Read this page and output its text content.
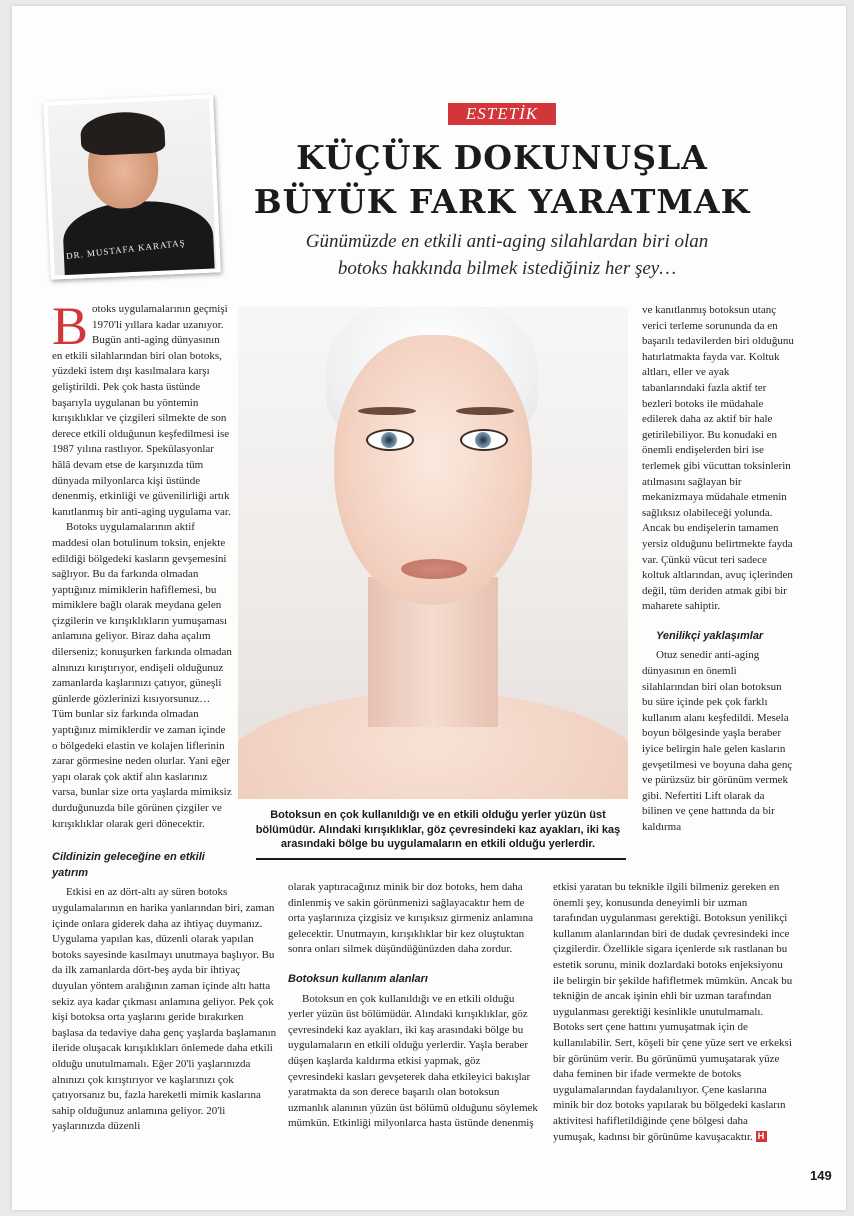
DR. MUSTAFA KARATAŞ
ESTETİK
KÜÇÜK DOKUNUŞLA
BÜYÜK FARK YARATMAK
Günümüzde en etkili anti-aging silahlardan biri olan
botoks hakkında bilmek istediğiniz her şey…

Botoks uygulamalarının geçmişi 1970'li yıllara kadar uzanıyor. Bugün anti-aging dünyasının en etkili silahlarından biri olan botoks, yüzdeki istem dışı kasılmalara karşı geliştirildi. Pek çok hasta üstünde başarıyla uygulanan bu yöntemin kırışıklıklar ve çizgileri silmekte de son derece etkili olduğunun keşfedilmesi ise 1987 yılına rastlıyor. Spekülasyonlar hâlâ devam etse de karşınızda tüm dünyada milyonlarca kişi üstünde denenmiş, etkinliği ve güvenilirliği artık kanıtlanmış bir anti-aging uygulama var.

Botoks uygulamalarının aktif maddesi olan botulinum toksin, enjekte edildiği bölgedeki kasların gevşemesini sağlıyor. Bu da farkında olmadan yaptığınız mimiklerin hafiflemesi, bu mimiklere bağlı olarak meydana gelen çizgilerin ve kırışıklıkların yumuşaması anlamına geliyor. Biraz daha açalım dilerseniz; konuşurken farkında olmadan alnınızı kırıştırıyor, endişeli olduğunuz zamanlarda kaşlarınızı çatıyor, güneşli günlerde gözlerinizi kısıyorsunuz… Tüm bunlar siz farkında olmadan yaptığınız mimiklerdir ve zaman içinde o bölgedeki elastin ve kolajen liflerinin zarar görmesine neden olurlar. Yani eğer yapı olarak çok aktif alın kaslarınız varsa, bunlar size orta yaşlarda mimiksiz durduğunuzda bile görünen çizgiler ve kırışıklıklar olarak geri dönecektir.

Cildinizin geleceğine en etkili yatırım

Etkisi en az dört-altı ay süren botoks uygulamalarının en harika yanlarından biri, zaman içinde onlara giderek daha az ihtiyaç duymanız. Uygulama yapılan kas, düzenli olarak yapılan botoks sayesinde kasılmayı unutmaya başlıyor. Bu da ilk zamanlarda dört-beş ayda bir ihtiyaç duyulan yöntem aralığının zaman içinde altı hatta sekiz aya kadar çıkması anlamına geliyor. Pek çok kişi botoksa orta yaşlarını geride bırakırken başlasa da tedaviye daha genç yaşlarda başlamanın ileride oluşacak kırışıklıkları önlemede daha etkili olduğu unutulmamalı. Eğer 20'li yaşlarınızda alnınızı çok kırıştırıyor ve kaşlarınızı çok çatıyorsanız bu, fazla hareketli mimik kaslarına sahip olduğunuz anlamına geliyor. 20'li yaşlarınızda düzenli

Botoksun en çok kullanıldığı ve en etkili olduğu yerler yüzün üst bölümüdür. Alındaki kırışıklıklar, göz çevresindeki kaz ayakları, iki kaş arasındaki bölge bu uygulamaların en etkili olduğu yerlerdir.

olarak yaptıracağınız minik bir doz botoks, hem daha dinlenmiş ve sakin görünmenizi sağlayacaktır hem de orta yaşlarınıza çizgisiz ve kırışıksız girmeniz anlamına gelecektir. Unutmayın, kırışıklıklar bir kez oluştuktan sonra onları silmek düşündüğünüzden daha zordur.

Botoksun kullanım alanları

Botoksun en çok kullanıldığı ve en etkili olduğu yerler yüzün üst bölümüdür. Alındaki kırışıklıklar, göz çevresindeki kaz ayakları, iki kaş arasındaki bölge bu uygulamaların en etkili olduğu yerlerdir. Yaşla beraber düşen kaşlarda kaldırma etkisi yapmak, göz çevresindeki kasları gevşeterek daha etkileyici bakışlar yaratmakta da son derece başarılı olan botoksun uzmanlık alanının yüzün üst bölümü olduğunu söylemek mümkün. Etkinliği milyonlarca hasta üstünde denenmiş

ve kanıtlanmış botoksun utanç verici terleme sorununda da en başarılı tedavilerden biri olduğunu hatırlatmakta fayda var. Koltuk altları, eller ve ayak tabanlarındaki fazla aktif ter bezleri botoks ile müdahale edilerek daha az aktif bir hale getirilebiliyor. Bu konudaki en önemli endişelerden biri ise terlemek gibi vücuttan toksinlerin atılmasını sağlayan bir mekanizmaya müdahale etmenin sağlıksız olabileceği yolunda. Ancak bu endişelerin tamamen yersiz olduğunu belirtmekte fayda var. Çünkü vücut teri sadece koltuk altlarından, avuç içlerinden değil, tüm deriden atmak gibi bir maharete sahiptir.

Yenilikçi yaklaşımlar

Otuz senedir anti-aging dünyasının en önemli silahlarından biri olan botoksun bu süre içinde pek çok farklı kullanım alanı keşfedildi. Mesela boyun bölgesinde yaşla beraber iyice belirgin hale gelen kasların gevşetilmesi ve boyuna daha genç ve pürüzsüz bir görünüm vermek gibi. Nefertiti Lift olarak da bilinen ve çene hattında da bir kaldırma

etkisi yaratan bu teknikle ilgili bilmeniz gereken en önemli şey, konusunda deneyimli bir uzman tarafından uygulanması gerektiği. Botoksun yenilikçi kullanım alanlarından biri de dudak çevresindeki ince çizgilerdir. Özellikle sigara içenlerde sık rastlanan bu estetik sorunu, minik dozlardaki botoks enjeksiyonu ile belirgin bir şekilde hafifletmek mümkün. Ancak bu tekniğin de ancak işinin ehli bir uzman tarafından uygulanması gerektiği kesinlikle unutulmamalı. Botoks sert çene hattını yumuşatmak için de kullanılabilir. Sert, köşeli bir çene yüze sert ve erkeksi bir görünüm verir. Bu görünümü yumuşatarak yüze daha feminen bir ifade vermekte de botoks uygulamalarından faydalanılıyor. Çene kaslarına minik bir doz botoks yapılarak bu bölgedeki kasların aktivitesi hafifletildiğinde çene bölgesi daha yumuşak, kadınsı bir görünüme kavuşacaktır. H

149
